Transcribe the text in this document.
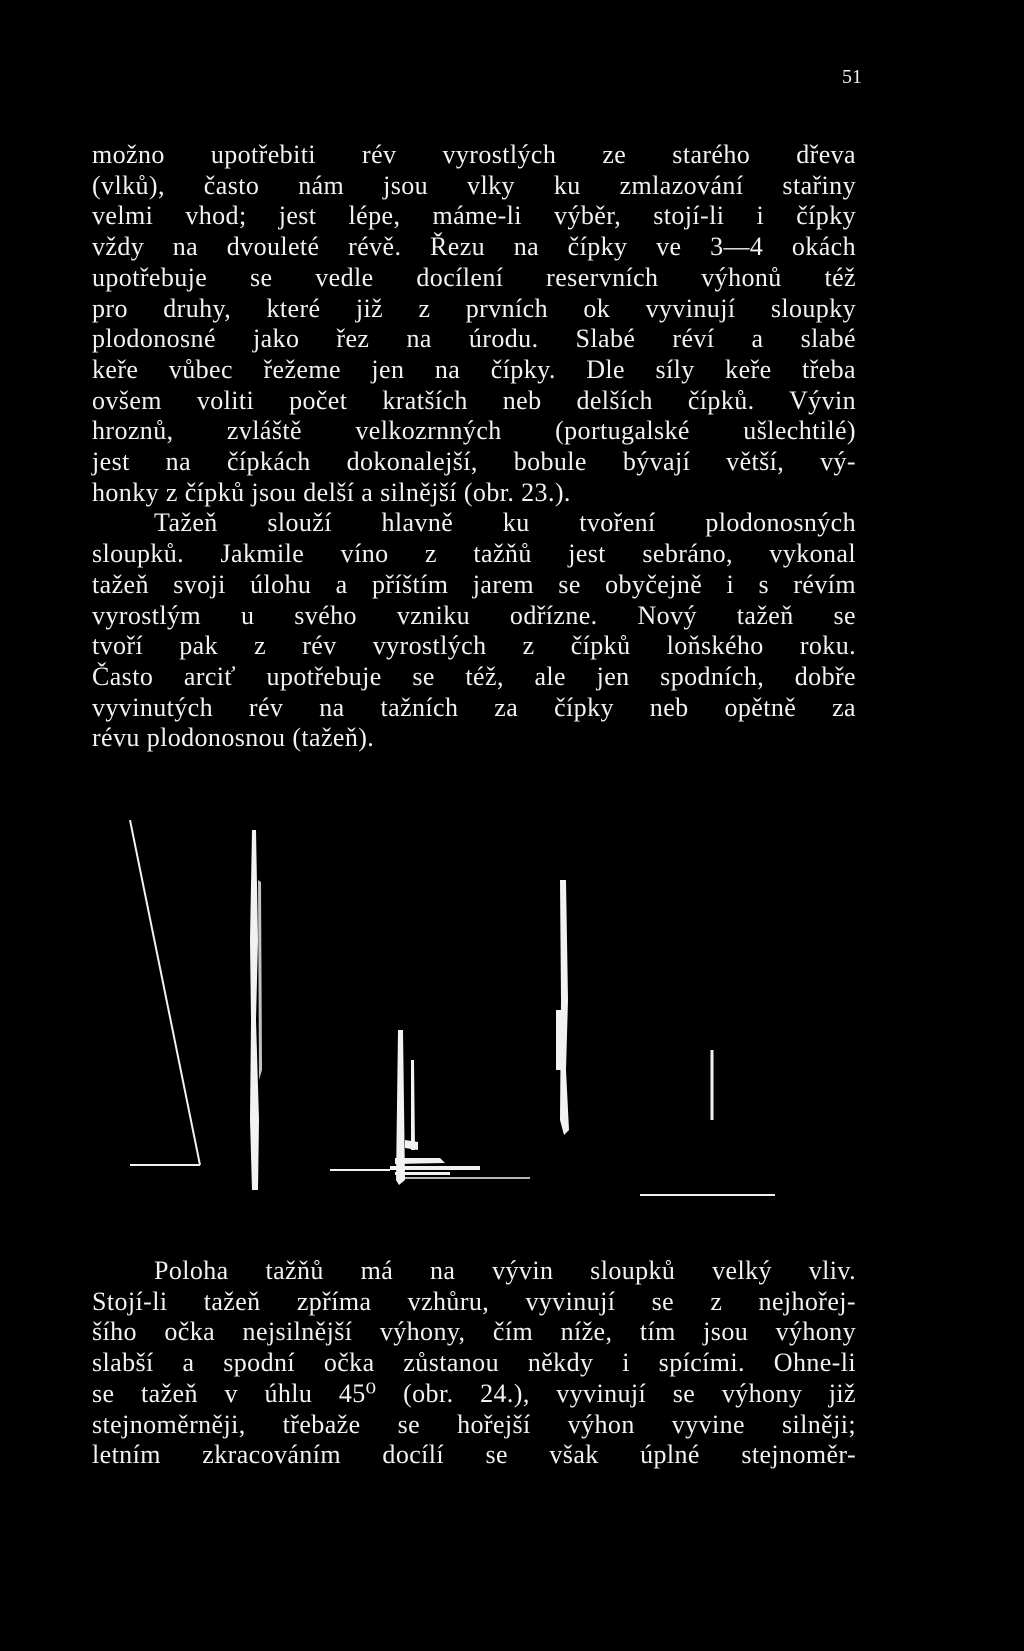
51
možno upotřebiti rév vyrostlých ze starého dřeva
(vlků), často nám jsou vlky ku zmlazování stařiny
velmi vhod; jest lépe, máme-li výběr, stojí-li i čípky
vždy na dvouleté révě. Řezu na čípky ve 3—4 okách
upotřebuje se vedle docílení reservních výhonů též
pro druhy, které již z prvních ok vyvinují sloupky
plodonosné jako řez na úrodu. Slabé réví a slabé
keře vůbec řežeme jen na čípky. Dle síly keře třeba
ovšem voliti počet kratších neb delších čípků. Vývin
hroznů, zvláště velkozrnných (portugalské ušlechtilé)
jest na čípkách dokonalejší, bobule bývají větší, vý-
honky z čípků jsou delší a silnější (obr. 23.).
Tažeň slouží hlavně ku tvoření plodonosných
sloupků. Jakmile víno z tažňů jest sebráno, vykonal
tažeň svoji úlohu a příštím jarem se obyčejně i s révím
vyrostlým u svého vzniku odřízne. Nový tažeň se
tvoří pak z rév vyrostlých z čípků loňského roku.
Často arciť upotřebuje se též, ale jen spodních, dobře
vyvinutých rév na tažních za čípky neb opětně za
révu plodonosnou (tažeň).
Poloha tažňů má na vývin sloupků velký vliv.
Stojí-li tažeň zpříma vzhůru, vyvinují se z nejhořej-
šího očka nejsilnější výhony, čím níže, tím jsou výhony
slabší a spodní očka zůstanou někdy i spícími. Ohne-li
se tažeň v úhlu 45⁰ (obr. 24.), vyvinují se výhony již
stejnoměrněji, třebaže se hořejší výhon vyvine silněji;
letním zkracováním docílí se však úplné stejnoměr-
